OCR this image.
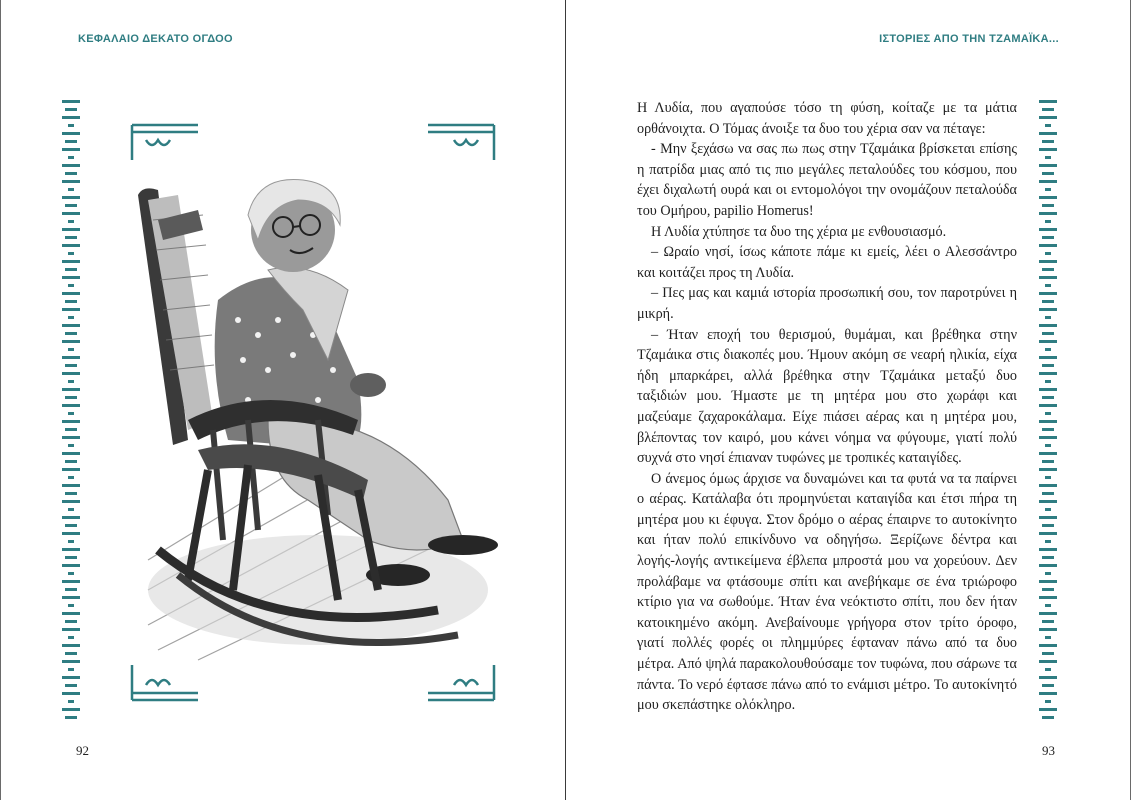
ΚΕΦΑΛΑΙΟ ΔΕΚΑΤΟ ΟΓΔΟΟ
92
ΙΣΤΟΡΙΕΣ ΑΠΟ ΤΗΝ ΤΖΑΜΑΪΚΑ...
93

Η Λυδία, που αγαπούσε τόσο τη φύση, κοίταζε με τα μάτια ορθάνοιχτα. Ο Τόμας άνοιξε τα δυο του χέρια σαν να πέταγε:

- Μην ξεχάσω να σας πω πως στην Τζαμάικα βρίσκεται επίσης η πατρίδα μιας από τις πιο μεγάλες πεταλούδες του κόσμου, που έχει διχαλωτή ουρά και οι εντομολόγοι την ονομάζουν πεταλούδα του Ομήρου, papilio Homerus!

Η Λυδία χτύπησε τα δυο της χέρια με ενθουσιασμό.

– Ωραίο νησί, ίσως κάποτε πάμε κι εμείς, λέει ο Αλεσσάντρο και κοιτάζει προς τη Λυδία.

– Πες μας και καμιά ιστορία προσωπική σου, τον παροτρύνει η μικρή.

– Ήταν εποχή του θερισμού, θυμάμαι, και βρέθηκα στην Τζαμάικα στις διακοπές μου. Ήμουν ακόμη σε νεαρή ηλικία, είχα ήδη μπαρκάρει, αλλά βρέθηκα στην Τζαμάικα μεταξύ δυο ταξιδιών μου. Ήμαστε με τη μητέρα μου στο χωράφι και μαζεύαμε ζαχαροκάλαμα. Είχε πιάσει αέρας και η μητέρα μου, βλέποντας τον καιρό, μου κάνει νόημα να φύγουμε, γιατί πολύ συχνά στο νησί έπιαναν τυφώνες με τροπικές καταιγίδες.

Ο άνεμος όμως άρχισε να δυναμώνει και τα φυτά να τα παίρνει ο αέρας. Κατάλαβα ότι προμηνύεται καταιγίδα και έτσι πήρα τη μητέρα μου κι έφυγα. Στον δρόμο ο αέρας έπαιρνε το αυτοκίνητο και ήταν πολύ επικίνδυνο να οδηγήσω. Ξερίζωνε δέντρα και λογής-λογής αντικείμενα έβλεπα μπροστά μου να χορεύουν. Δεν προλάβαμε να φτάσουμε σπίτι και ανεβήκαμε σε ένα τριώροφο κτίριο για να σωθούμε. Ήταν ένα νεόκτιστο σπίτι, που δεν ήταν κατοικημένο ακόμη. Ανεβαίνουμε γρήγορα στον τρίτο όροφο, γιατί πολλές φορές οι πλημμύρες έφταναν πάνω από τα δυο μέτρα. Από ψηλά παρακολουθούσαμε τον τυφώνα, που σάρωνε τα πάντα. Το νερό έφτασε πάνω από το ενάμισι μέτρο. Το αυτοκίνητό μου σκεπάστηκε ολόκληρο.
